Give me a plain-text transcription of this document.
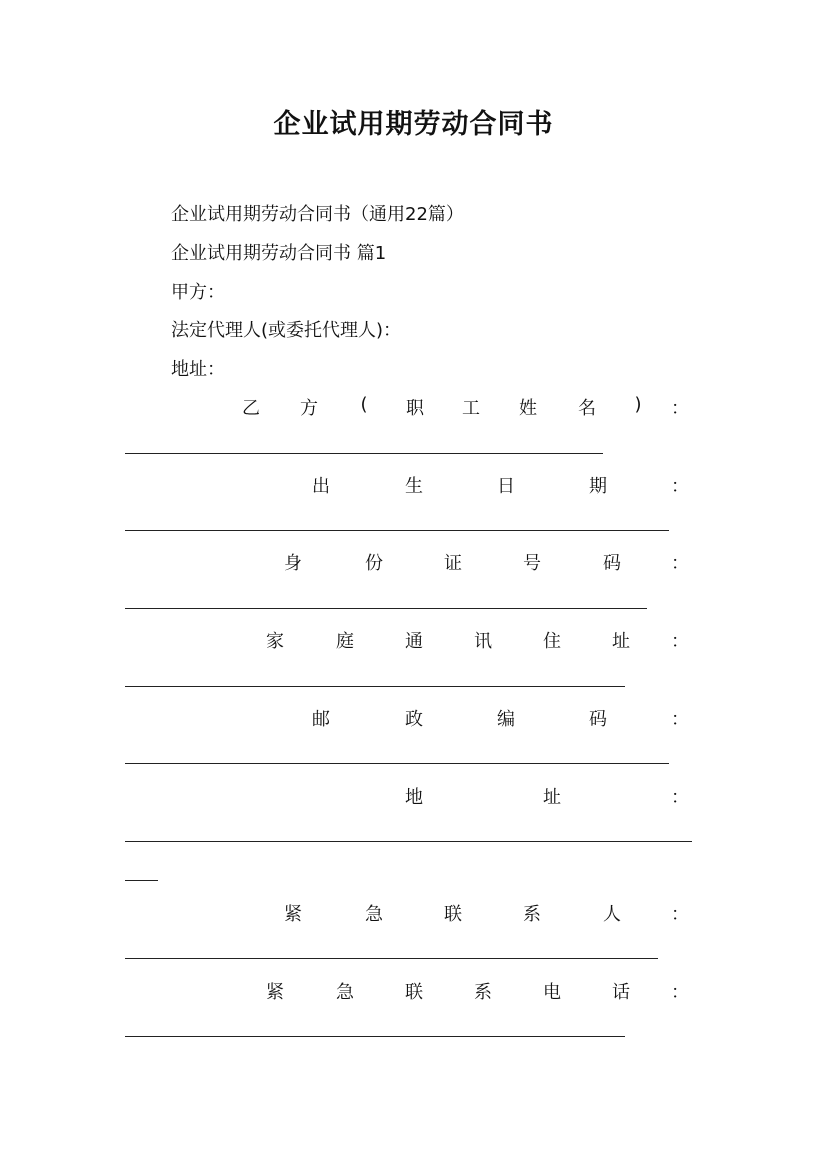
企业试用期劳动合同书
企业试用期劳动合同书（通用22篇）
企业试用期劳动合同书 篇1
甲方：
法定代理人(或委托代理人)：
地址：
乙 方 ( 职 工 姓 名 ) ：
出	生	日	期	：
身	份	证	号	码	：
家	庭	通	讯	住	址 ：
邮	政	编	码	：
地	址	：
紧	急	联	系	人	：
紧	急	联	系	电	话 ：
